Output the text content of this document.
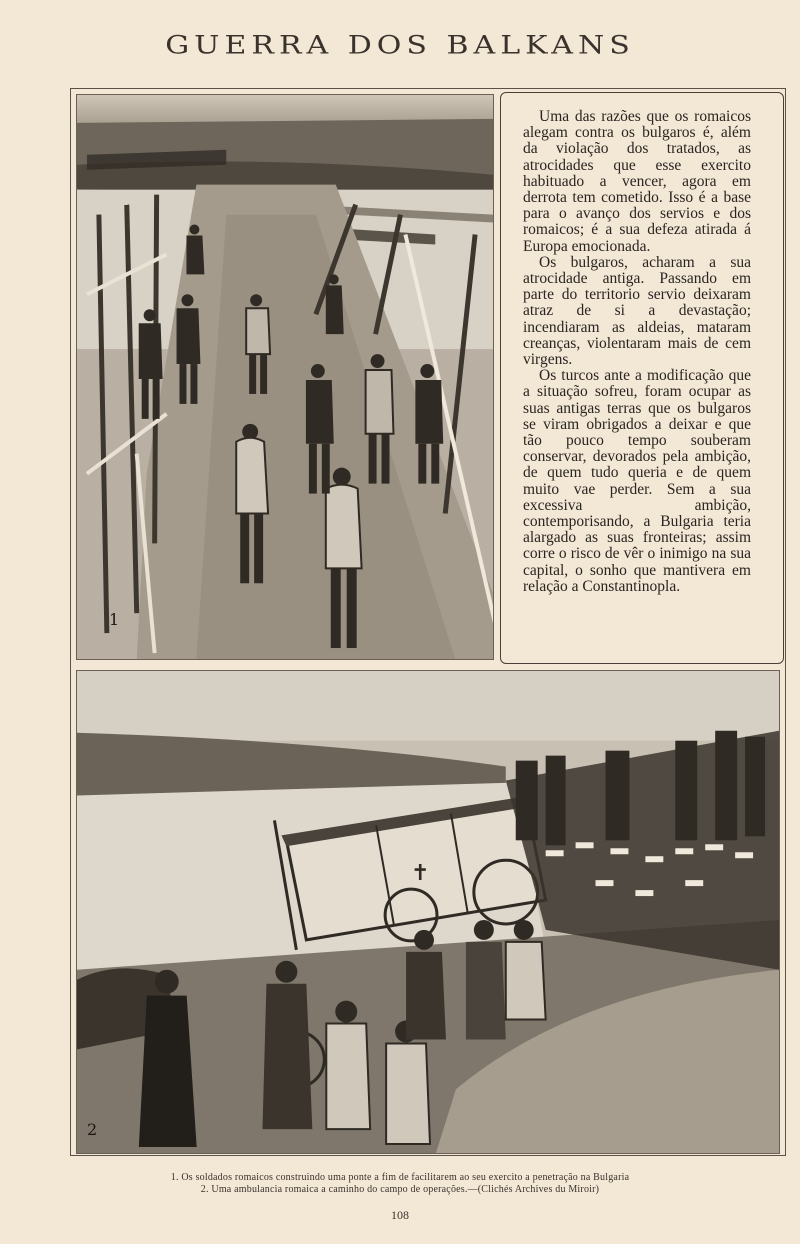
GUERRA DOS BALKANS
1

Uma das razões que os romaicos alegam contra os bulgaros é, além da violação dos tratados, as atrocidades que esse exercito habituado a vencer, agora em derrota tem cometido. Isso é a base para o avanço dos servios e dos romaicos; é a sua defeza atirada á Europa emocionada.

Os bulgaros, acharam a sua atrocidade antiga. Passando em parte do territorio servio deixaram atraz de si a devastação; incendiaram as aldeias, mataram creanças, violentaram mais de cem virgens.

Os turcos ante a modificação que a situação sofreu, foram ocupar as suas antigas terras que os bulgaros se viram obrigados a deixar e que tão pouco tempo souberam conservar, devorados pela ambição, de quem tudo queria e de quem muito vae perder. Sem a sua excessiva ambição, contemporisando, a Bulgaria teria alargado as suas fronteiras; assim corre o risco de vêr o inimigo na sua capital, o sonho que mantivera em relação a Constantinopla.

✝
2
1. Os soldados romaicos construindo uma ponte a fim de facilitarem ao seu exercito a penetração na Bulgaria
2. Uma ambulancia romaica a caminho do campo de operações.—(Clichés Archives du Miroir)
108
